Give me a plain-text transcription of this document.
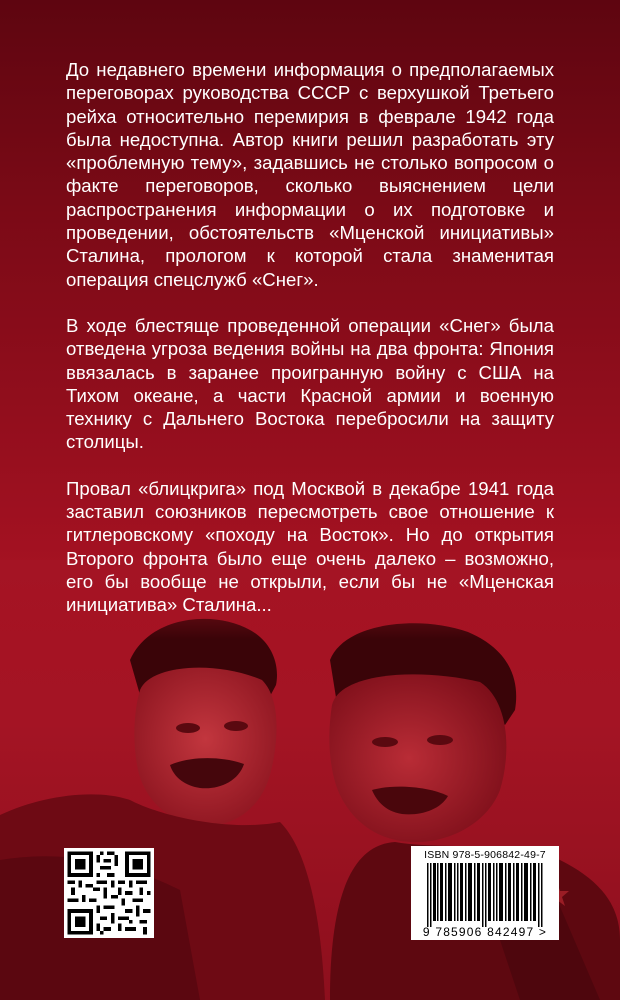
До недавнего времени информация о предполагаемых переговорах руководства СССР с верхушкой Третьего рейха относительно перемирия в феврале 1942 года была недоступна. Автор книги решил разработать эту «проблемную тему», задавшись не столько вопросом о факте переговоров, сколько выяснением цели распространения информации о их подготовке и проведении, обстоятельств «Мценской инициативы» Сталина, прологом к которой стала знаменитая операция спецслужб «Снег».

В ходе блестяще проведенной операции «Снег» была отведена угроза ведения войны на два фронта: Япония ввязалась в заранее проигранную войну с США на Тихом океане, а части Красной армии и военную технику с Дальнего Востока перебросили на защиту столицы.

Провал «блицкрига» под Москвой в декабре 1941 года заставил союзников пересмотреть свое отношение к гитлеровскому «походу на Восток». Но до открытия Второго фронта было еще очень далеко – возможно, его бы вообще не открыли, если бы не «Мценская инициатива» Сталина...

ISBN 978-5-906842-49-7
9 785906 842497 >
